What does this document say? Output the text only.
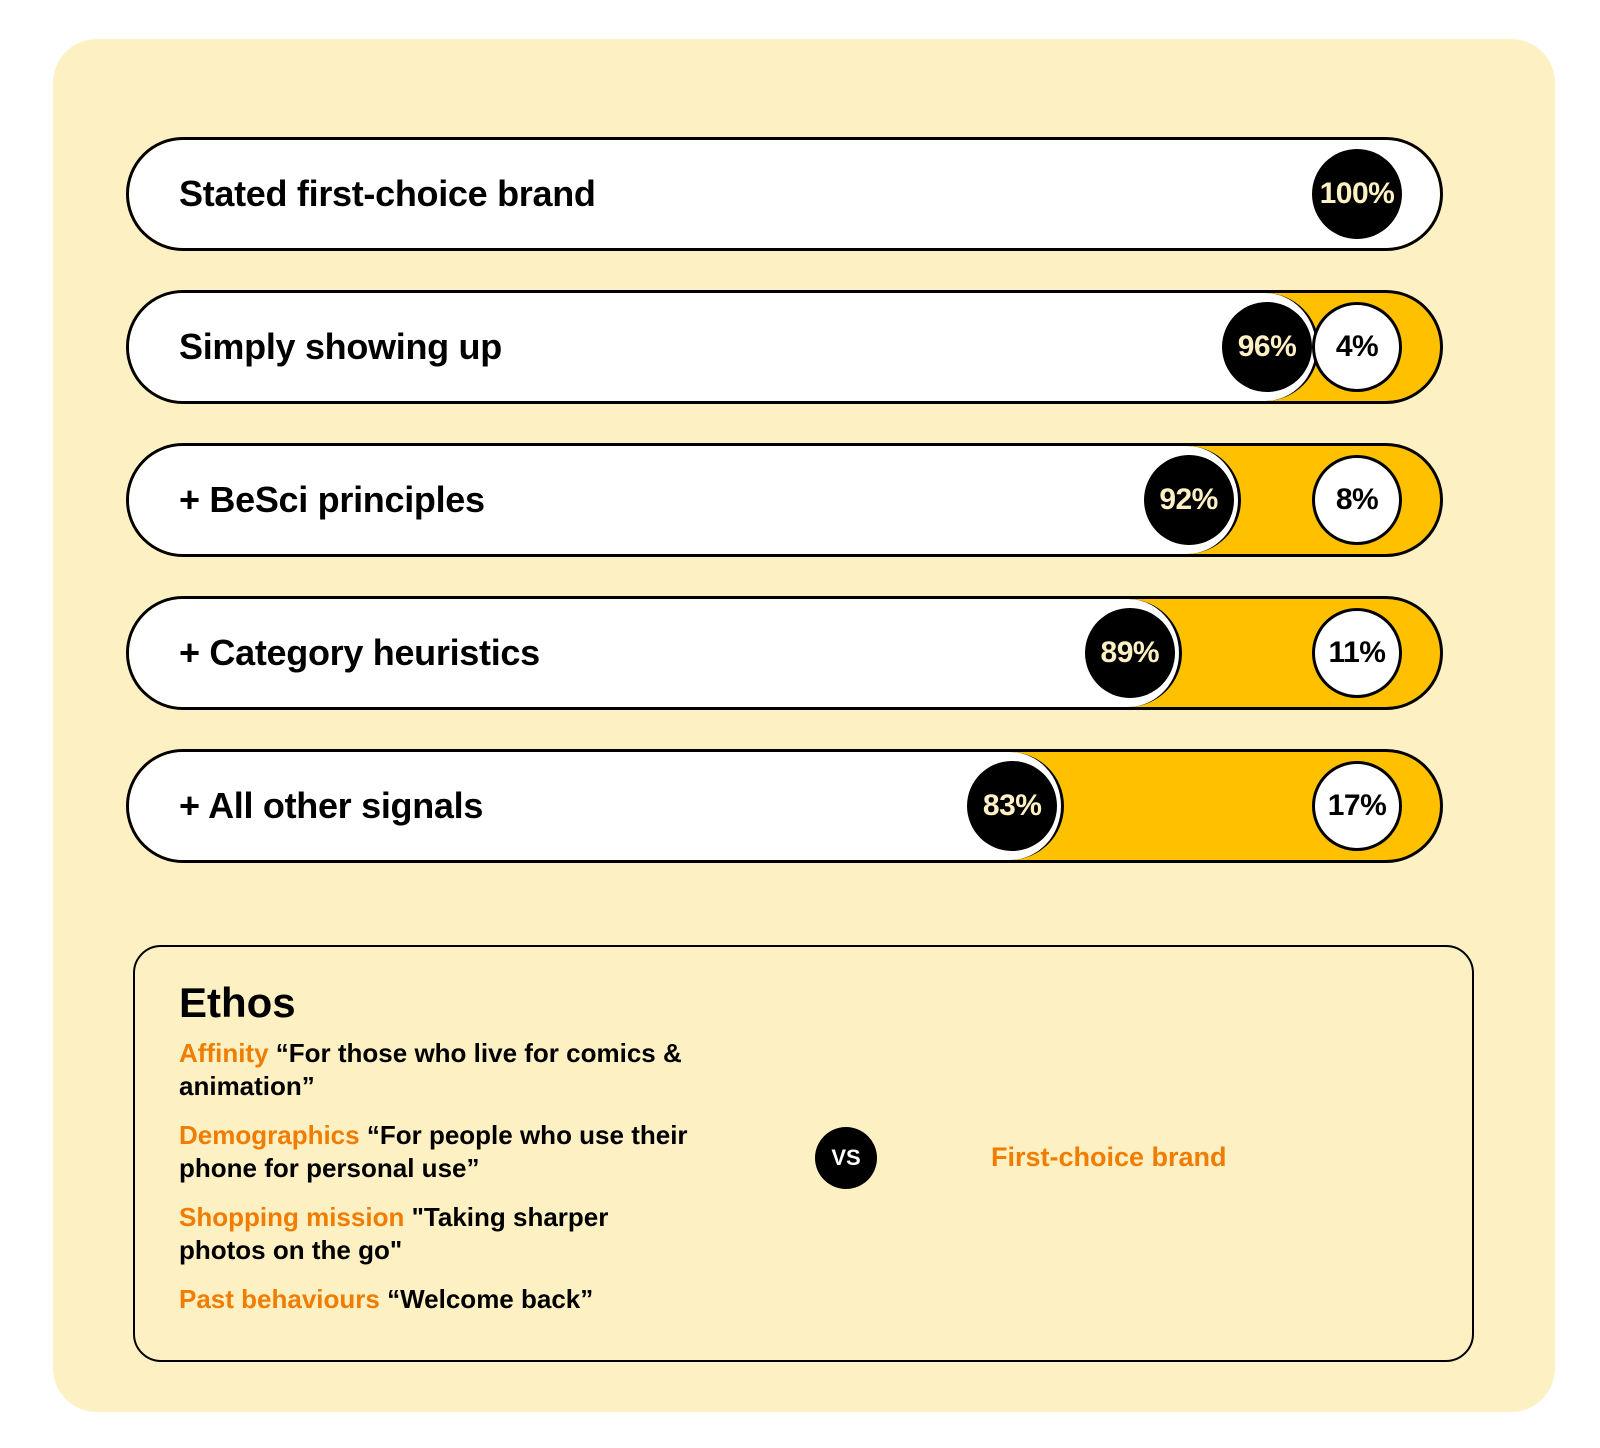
Stated first-choice brand	100%
Simply showing up	96%	4%
+ BeSci principles	92%	8%
+ Category heuristics	89%	11%
+ All other signals	83%	17%
Ethos
Affinity “For those who live for comics & animation”
Demographics “For people who use their phone for personal use”
Shopping mission "Taking sharper photos on the go"
Past behaviours “Welcome back”
VS	First-choice brand
